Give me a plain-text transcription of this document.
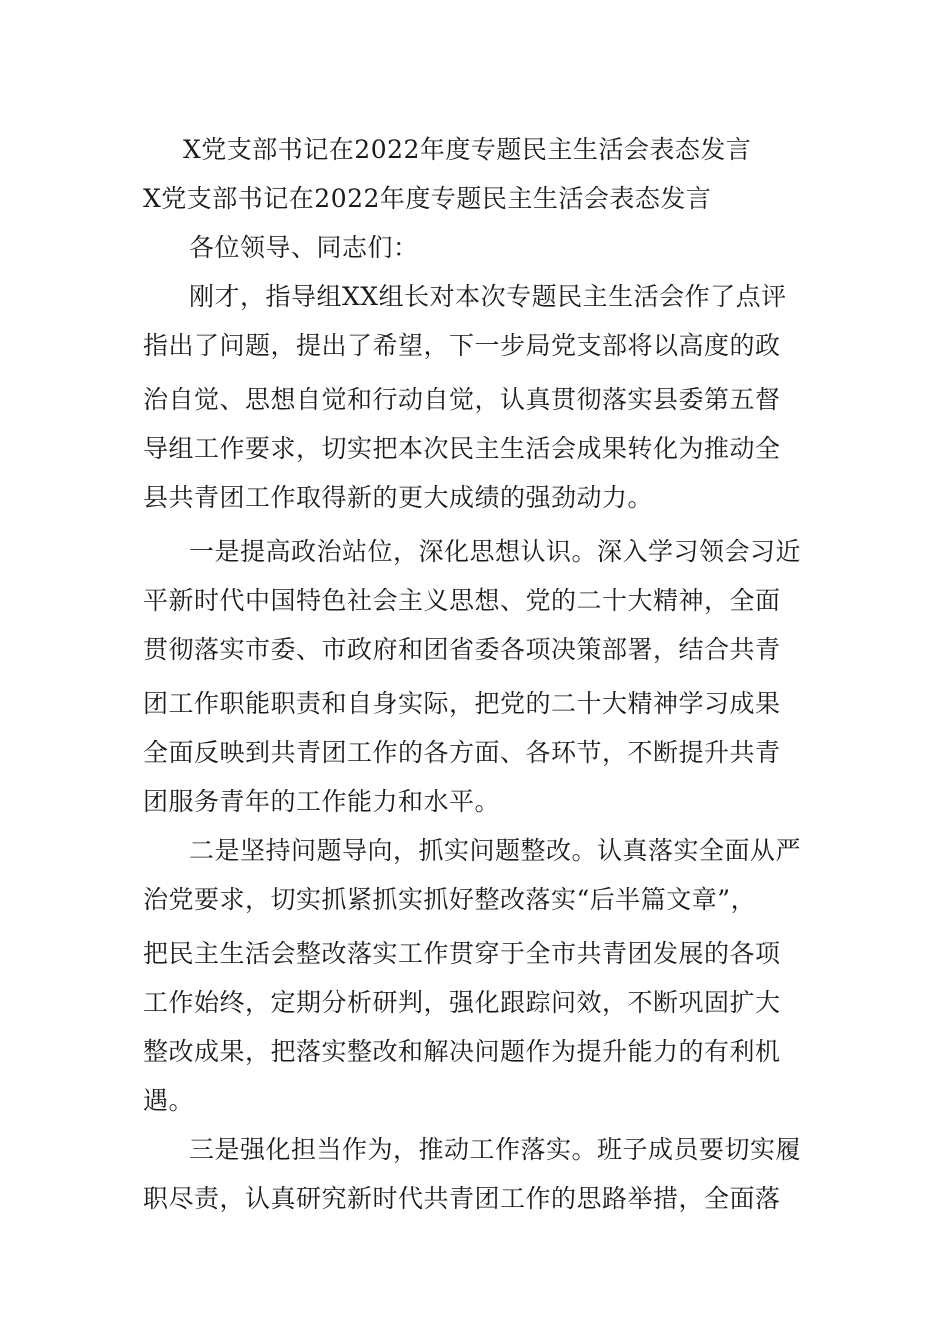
X党支部书记在2022年度专题民主生活会表态发言
X党支部书记在2022年度专题民主生活会表态发言
各位领导、同志们：
刚才，指导组XX组长对本次专题民主生活会作了点评
指出了问题，提出了希望，下一步局党支部将以高度的政
治自觉、思想自觉和行动自觉，认真贯彻落实县委第五督
导组工作要求，切实把本次民主生活会成果转化为推动全
县共青团工作取得新的更大成绩的强劲动力。
一是提高政治站位，深化思想认识。深入学习领会习近
平新时代中国特色社会主义思想、党的二十大精神，全面
贯彻落实市委、市政府和团省委各项决策部署，结合共青
团工作职能职责和自身实际，把党的二十大精神学习成果
全面反映到共青团工作的各方面、各环节，不断提升共青
团服务青年的工作能力和水平。
二是坚持问题导向，抓实问题整改。认真落实全面从严
治党要求，切实抓紧抓实抓好整改落实“后半篇文章”，
把民主生活会整改落实工作贯穿于全市共青团发展的各项
工作始终，定期分析研判，强化跟踪问效，不断巩固扩大
整改成果，把落实整改和解决问题作为提升能力的有利机
遇。
三是强化担当作为，推动工作落实。班子成员要切实履
职尽责，认真研究新时代共青团工作的思路举措，全面落
